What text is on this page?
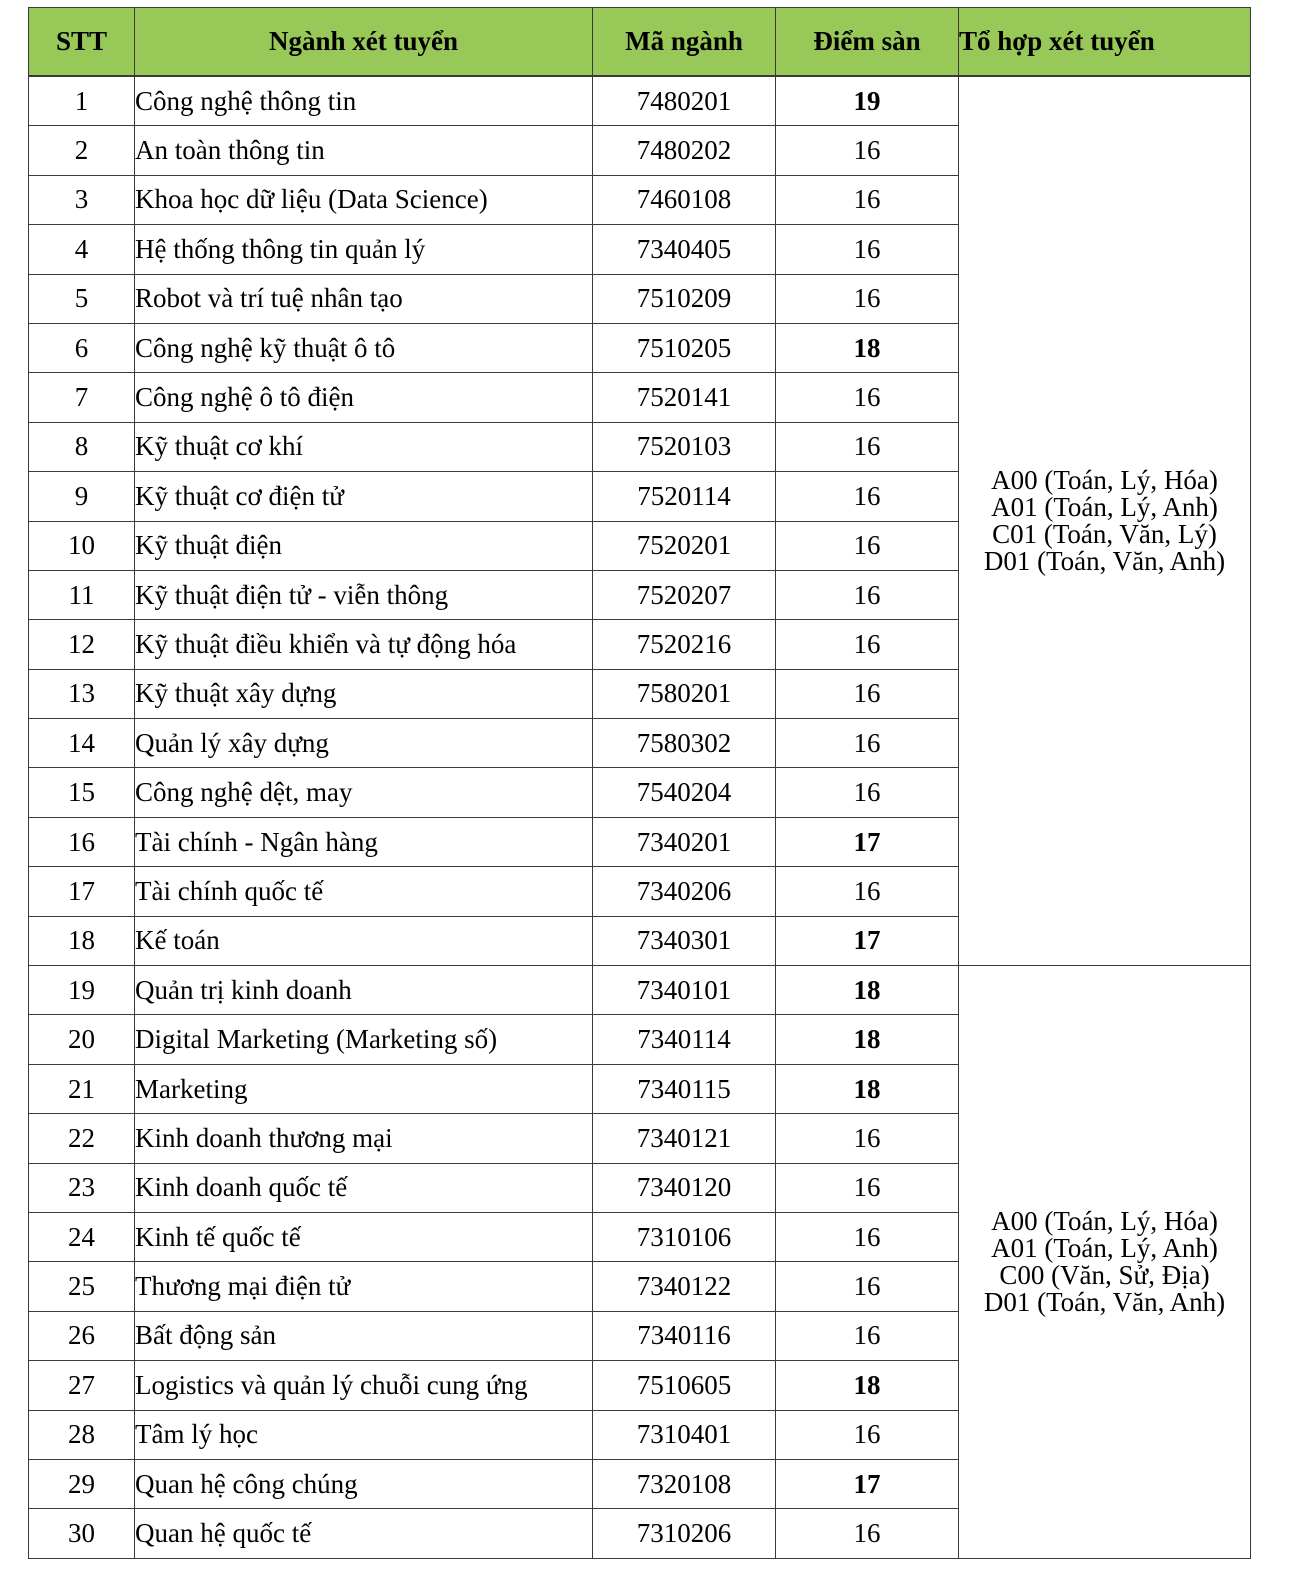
STT	Ngành xét tuyển	Mã ngành	Điểm sàn	Tổ hợp xét tuyển
1	Công nghệ thông tin	7480201	19	A00 (Toán, Lý, Hóa)
A01 (Toán, Lý, Anh)
C01 (Toán, Văn, Lý)
D01 (Toán, Văn, Anh)

2	An toàn thông tin	7480202	16	
3	Khoa học dữ liệu (Data Science)	7460108	16	
4	Hệ thống thông tin quản lý	7340405	16	
5	Robot và trí tuệ nhân tạo	7510209	16	
6	Công nghệ kỹ thuật ô tô	7510205	18	
7	Công nghệ ô tô điện	7520141	16	
8	Kỹ thuật cơ khí	7520103	16	
9	Kỹ thuật cơ điện tử	7520114	16	
10	Kỹ thuật điện	7520201	16	
11	Kỹ thuật điện tử - viễn thông	7520207	16	
12	Kỹ thuật điều khiển và tự động hóa	7520216	16	
13	Kỹ thuật xây dựng	7580201	16	
14	Quản lý xây dựng	7580302	16	
15	Công nghệ dệt, may	7540204	16	
16	Tài chính - Ngân hàng	7340201	17	
17	Tài chính quốc tế	7340206	16	
18	Kế toán	7340301	17	
19	Quản trị kinh doanh	7340101	18	A00 (Toán, Lý, Hóa)
A01 (Toán, Lý, Anh)
C00 (Văn, Sử, Địa)
D01 (Toán, Văn, Anh)

20	Digital Marketing (Marketing số)	7340114	18	
21	Marketing	7340115	18	
22	Kinh doanh thương mại	7340121	16	
23	Kinh doanh quốc tế	7340120	16	
24	Kinh tế quốc tế	7310106	16	
25	Thương mại điện tử	7340122	16	
26	Bất động sản	7340116	16	
27	Logistics và quản lý chuỗi cung ứng	7510605	18	
28	Tâm lý học	7310401	16	
29	Quan hệ công chúng	7320108	17	
30	Quan hệ quốc tế	7310206	16	
